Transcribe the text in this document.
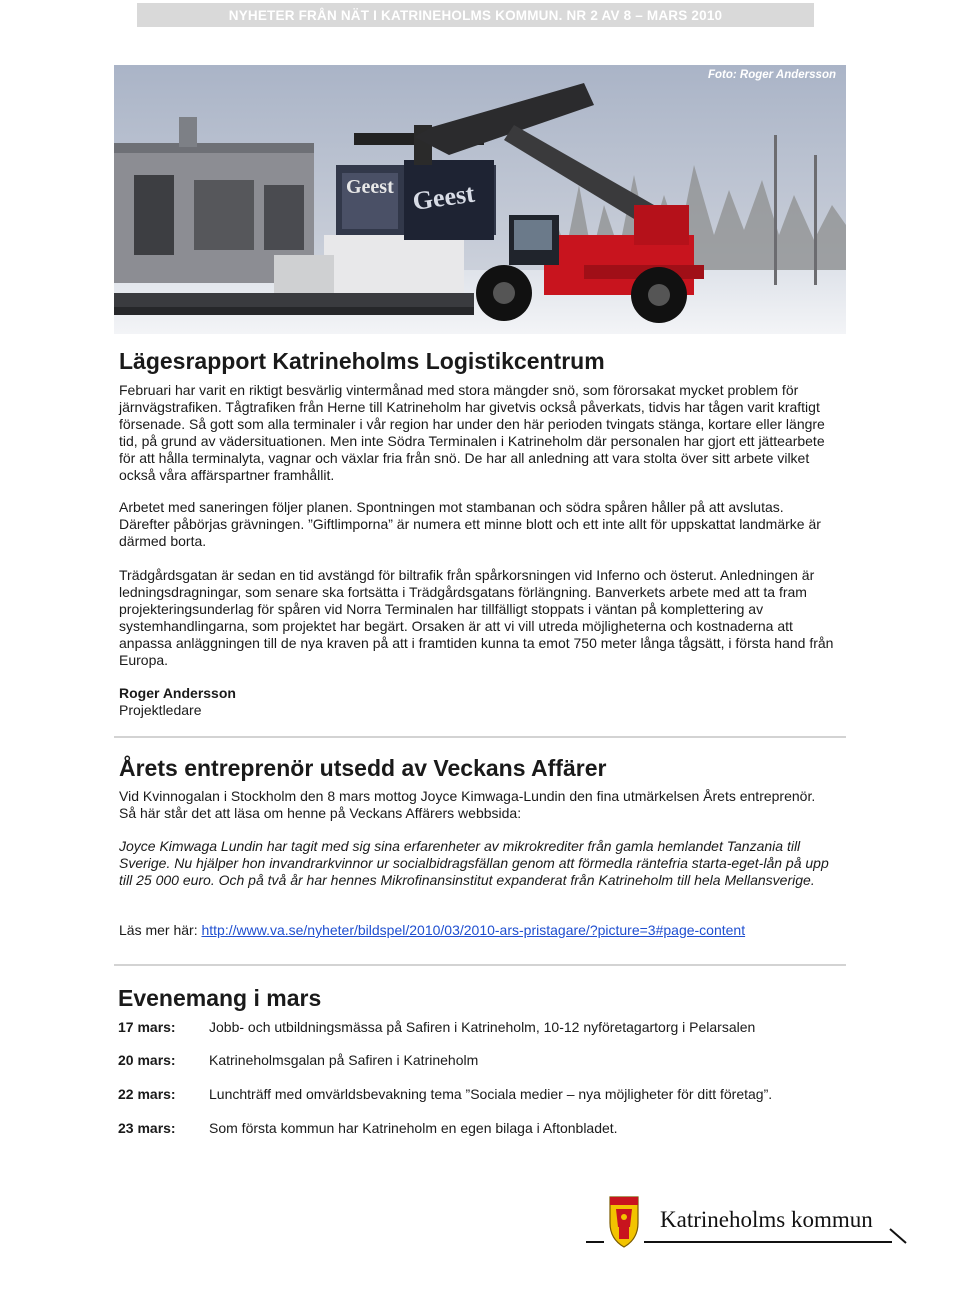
NYHETER FRÅN NÄT I KATRINEHOLMS KOMMUN. NR 2 AV 8 – MARS 2010
Geest Geest
Foto: Roger Andersson
Lägesrapport Katrineholms Logistikcentrum

Februari har varit en riktigt besvärlig vintermånad med stora mängder snö, som förorsakat mycket problem för järnvägstrafiken. Tågtrafiken från Herne till Katrineholm har givetvis också påverkats, tidvis har tågen varit kraftigt försenade. Så gott som alla terminaler i vår region har under den här perioden tvingats stänga, kortare eller längre tid, på grund av vädersituationen. Men inte Södra Terminalen i Katrineholm där personalen har gjort ett jättearbete för att hålla terminalyta, vagnar och växlar fria från snö. De har all anledning att vara stolta över sitt arbete vilket också våra affärspartner framhållit.

Arbetet med saneringen följer planen. Spontningen mot stambanan och södra spåren håller på att avslutas. Därefter påbörjas grävningen. ”Giftlimporna” är numera ett minne blott och ett inte allt för uppskattat landmärke är därmed borta.

Trädgårdsgatan är sedan en tid avstängd för biltrafik från spårkorsningen vid Inferno och österut. Anledningen är ledningsdragningar, som senare ska fortsätta i Trädgårdsgatans förlängning. Banverkets arbete med att ta fram projekteringsunderlag för spåren vid Norra Terminalen har tillfälligt stoppats i väntan på komplettering av systemhandlingarna, som projektet har begärt. Orsaken är att vi vill utreda möjligheterna och kostnaderna att anpassa anläggningen till de nya kraven på att i framtiden kunna ta emot 750 meter långa tågsätt, i första hand från Europa.

Roger Andersson
Projektledare
Årets entreprenör utsedd av Veckans Affärer

Vid Kvinnogalan i Stockholm den 8 mars mottog Joyce Kimwaga-Lundin den fina utmärkelsen Årets entreprenör. Så här står det att läsa om henne på Veckans Affärers webbsida:

Joyce Kimwaga Lundin har tagit med sig sina erfarenheter av mikrokrediter från gamla hemlandet Tanzania till Sverige. Nu hjälper hon invandrarkvinnor ur socialbidragsfällan genom att förmedla räntefria starta-eget-lån på upp till 25 000 euro. Och på två år har hennes Mikrofinansinstitut expanderat från Katrineholm till hela Mellansverige.

Läs mer här: http://www.va.se/nyheter/bildspel/2010/03/2010-ars-pristagare/?picture=3#page-content

Evenemang i mars
17 mars: Jobb- och utbildningsmässa på Safiren i Katrineholm, 10-12 nyföretagartorg i Pelarsalen
20 mars: Katrineholmsgalan på Safiren i Katrineholm
22 mars: Lunchträff med omvärldsbevakning tema ”Sociala medier – nya möjligheter för ditt företag”.
23 mars: Som första kommun har Katrineholm en egen bilaga i Aftonbladet.
Katrineholms kommun
